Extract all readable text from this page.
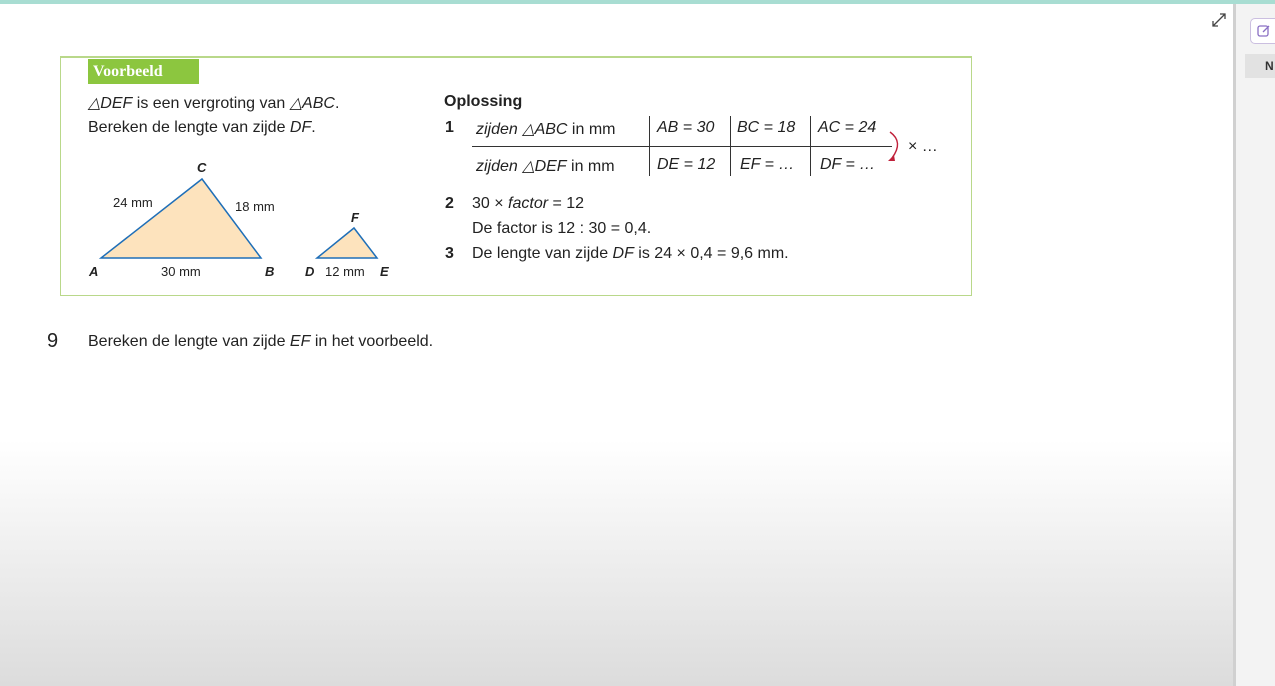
Voorbeeld
△DEF is een vergroting van △ABC.
Bereken de lengte van zijde DF.
A	B
C
D	E
F
30 mm
24 mm	18 mm
12 mm
Oplossing
1 zijden △ABC in mm	AB = 30 BC = 18 AC = 24
zijden △DEF in mm	DE = 12 EF = … DF = …
× …
2 30 × factor = 12
De factor is 12 : 30 = 0,4.
3 De lengte van zijde DF is 24 × 0,4 = 9,6 mm.
9 Bereken de lengte van zijde EF in het voorbeeld.
N
